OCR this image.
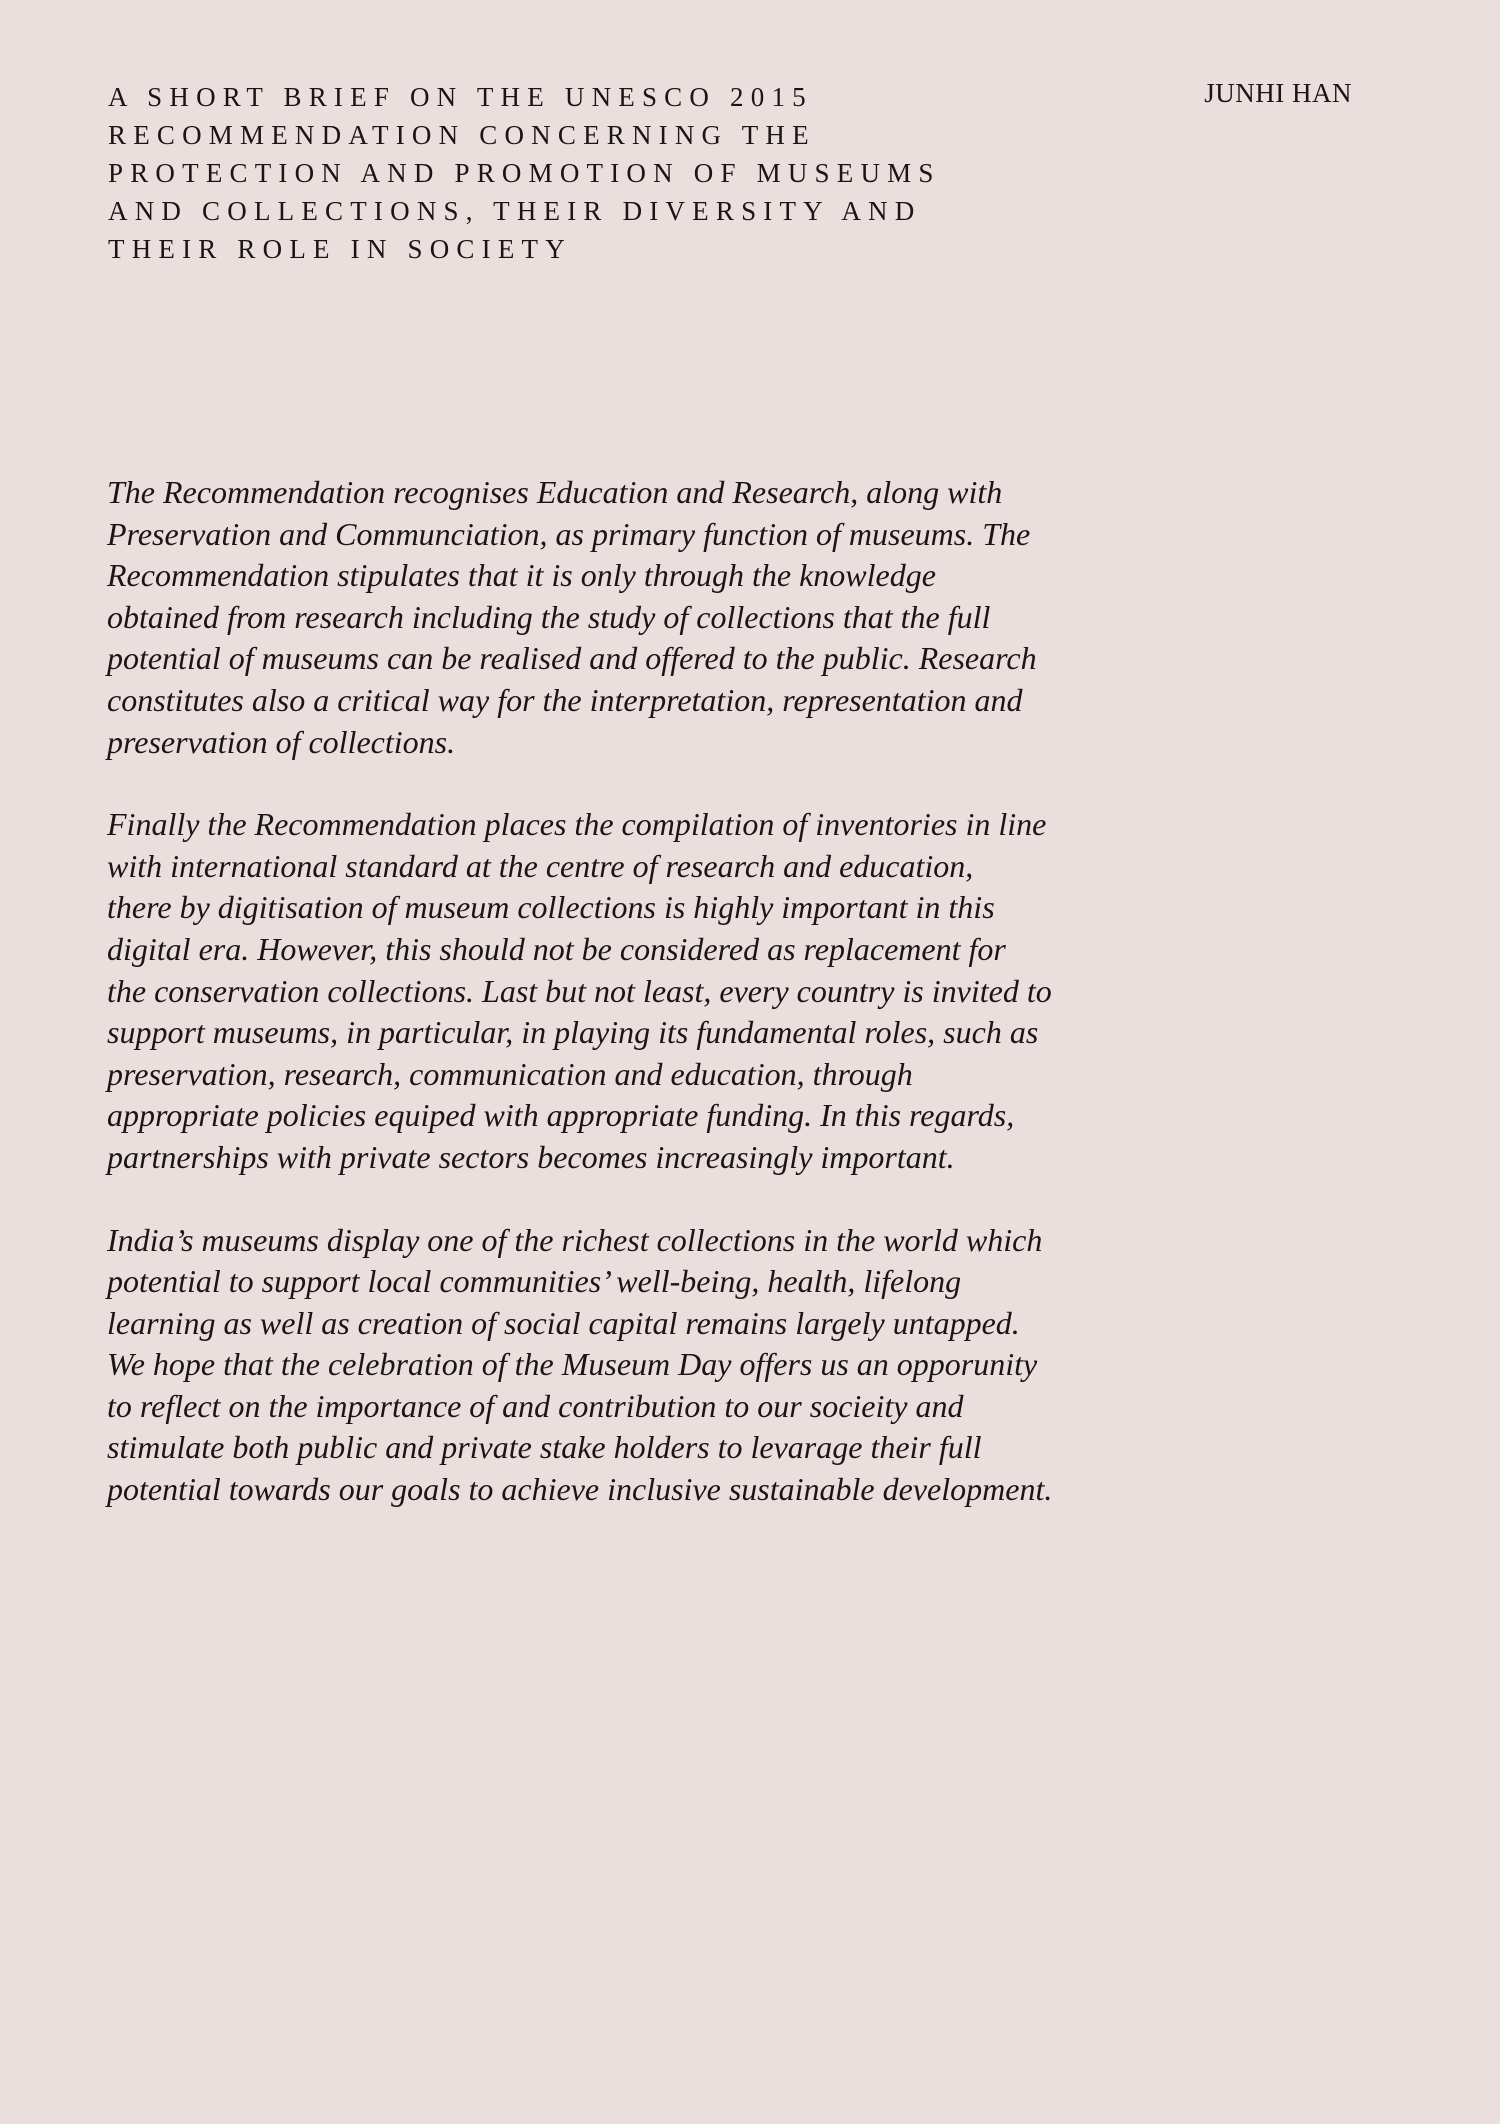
A SHORT BRIEF ON THE UNESCO 2015
RECOMMENDATION CONCERNING THE
PROTECTION AND PROMOTION OF MUSEUMS
AND COLLECTIONS, THEIR DIVERSITY AND
THEIR ROLE IN SOCIETY
JUNHI HAN

The Recommendation recognises Education and Research, along with
Preservation and Communciation, as primary function of museums. The
Recommendation stipulates that it is only through the knowledge
obtained from research including the study of collections that the full
potential of museums can be realised and offered to the public. Research
constitutes also a critical way for the interpretation, representation and
preservation of collections.

Finally the Recommendation places the compilation of inventories in line
with international standard at the centre of research and education,
there by digitisation of museum collections is highly important in this
digital era. However, this should not be considered as replacement for
the conservation collections. Last but not least, every country is invited to
support museums, in particular, in playing its fundamental roles, such as
preservation, research, communication and education, through
appropriate policies equiped with appropriate funding. In this regards,
partnerships with private sectors becomes increasingly important.

India’s museums display one of the richest collections in the world which
potential to support local communities’ well-being, health, lifelong
learning as well as creation of social capital remains largely untapped.
We hope that the celebration of the Museum Day offers us an opporunity
to reflect on the importance of and contribution to our socieity and
stimulate both public and private stake holders to levarage their full
potential towards our goals to achieve inclusive sustainable development.
